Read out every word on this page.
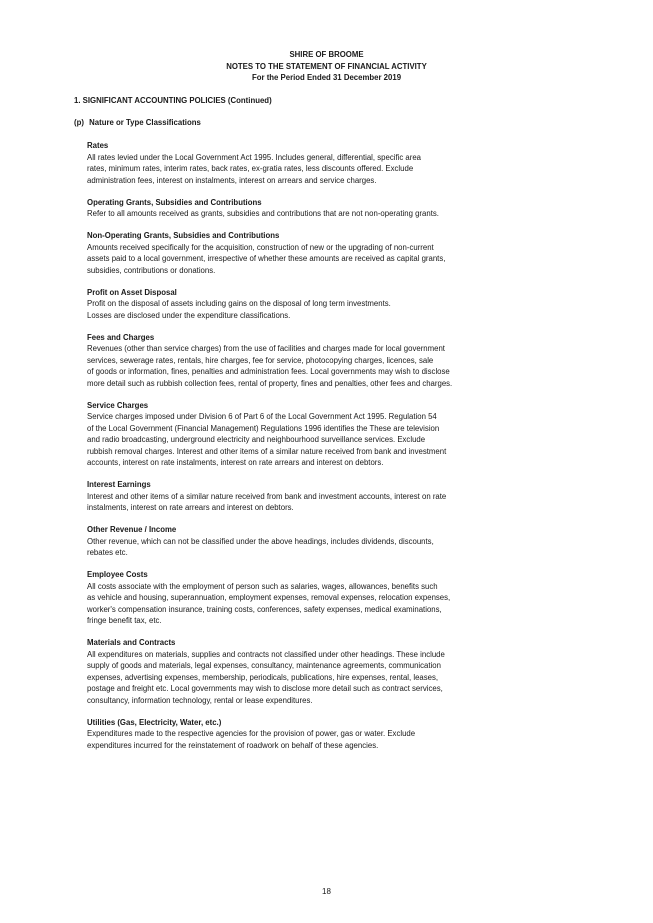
SHIRE OF BROOME
NOTES TO THE STATEMENT OF FINANCIAL ACTIVITY
For the Period Ended 31 December 2019
1. SIGNIFICANT ACCOUNTING POLICIES (Continued)
(p) Nature or Type Classifications
Rates
All rates levied under the Local Government Act 1995. Includes general, differential, specific area
rates, minimum rates, interim rates, back rates, ex-gratia rates, less discounts offered. Exclude
administration fees, interest on instalments, interest on arrears and service charges.
Operating Grants, Subsidies and Contributions
Refer to all amounts received as grants, subsidies and contributions that are not non-operating grants.
Non-Operating Grants, Subsidies and Contributions
Amounts received specifically for the acquisition, construction of new or the upgrading of non-current
assets paid to a local government, irrespective of whether these amounts are received as capital grants,
subsidies, contributions or donations.
Profit on Asset Disposal
Profit on the disposal of assets including gains on the disposal of long term investments.
Losses are disclosed under the expenditure classifications.
Fees and Charges
Revenues (other than service charges) from the use of facilities and charges made for local government
services, sewerage rates, rentals, hire charges, fee for service, photocopying charges, licences, sale
of goods or information, fines, penalties and administration fees. Local governments may wish to disclose
more detail such as rubbish collection fees, rental of property, fines and penalties, other fees and charges.
Service Charges
Service charges imposed under Division 6 of Part 6 of the Local Government Act 1995. Regulation 54
of the Local Government (Financial Management) Regulations 1996 identifies the These are television
and radio broadcasting, underground electricity and neighbourhood surveillance services. Exclude
rubbish removal charges. Interest and other items of a similar nature received from bank and investment
accounts, interest on rate instalments, interest on rate arrears and interest on debtors.
Interest Earnings
Interest and other items of a similar nature received from bank and investment accounts, interest on rate
instalments, interest on rate arrears and interest on debtors.
Other Revenue / Income
Other revenue, which can not be classified under the above headings, includes dividends, discounts,
rebates etc.
Employee Costs
All costs associate with the employment of person such as salaries, wages, allowances, benefits such
as vehicle and housing, superannuation, employment expenses, removal expenses, relocation expenses,
worker's compensation insurance, training costs, conferences, safety expenses, medical examinations,
fringe benefit tax, etc.
Materials and Contracts
All expenditures on materials, supplies and contracts not classified under other headings. These include
supply of goods and materials, legal expenses, consultancy, maintenance agreements, communication
expenses, advertising expenses, membership, periodicals, publications, hire expenses, rental, leases,
postage and freight etc. Local governments may wish to disclose more detail such as contract services,
consultancy, information technology, rental or lease expenditures.
Utilities (Gas, Electricity, Water, etc.)
Expenditures made to the respective agencies for the provision of power, gas or water. Exclude
expenditures incurred for the reinstatement of roadwork on behalf of these agencies.
18
